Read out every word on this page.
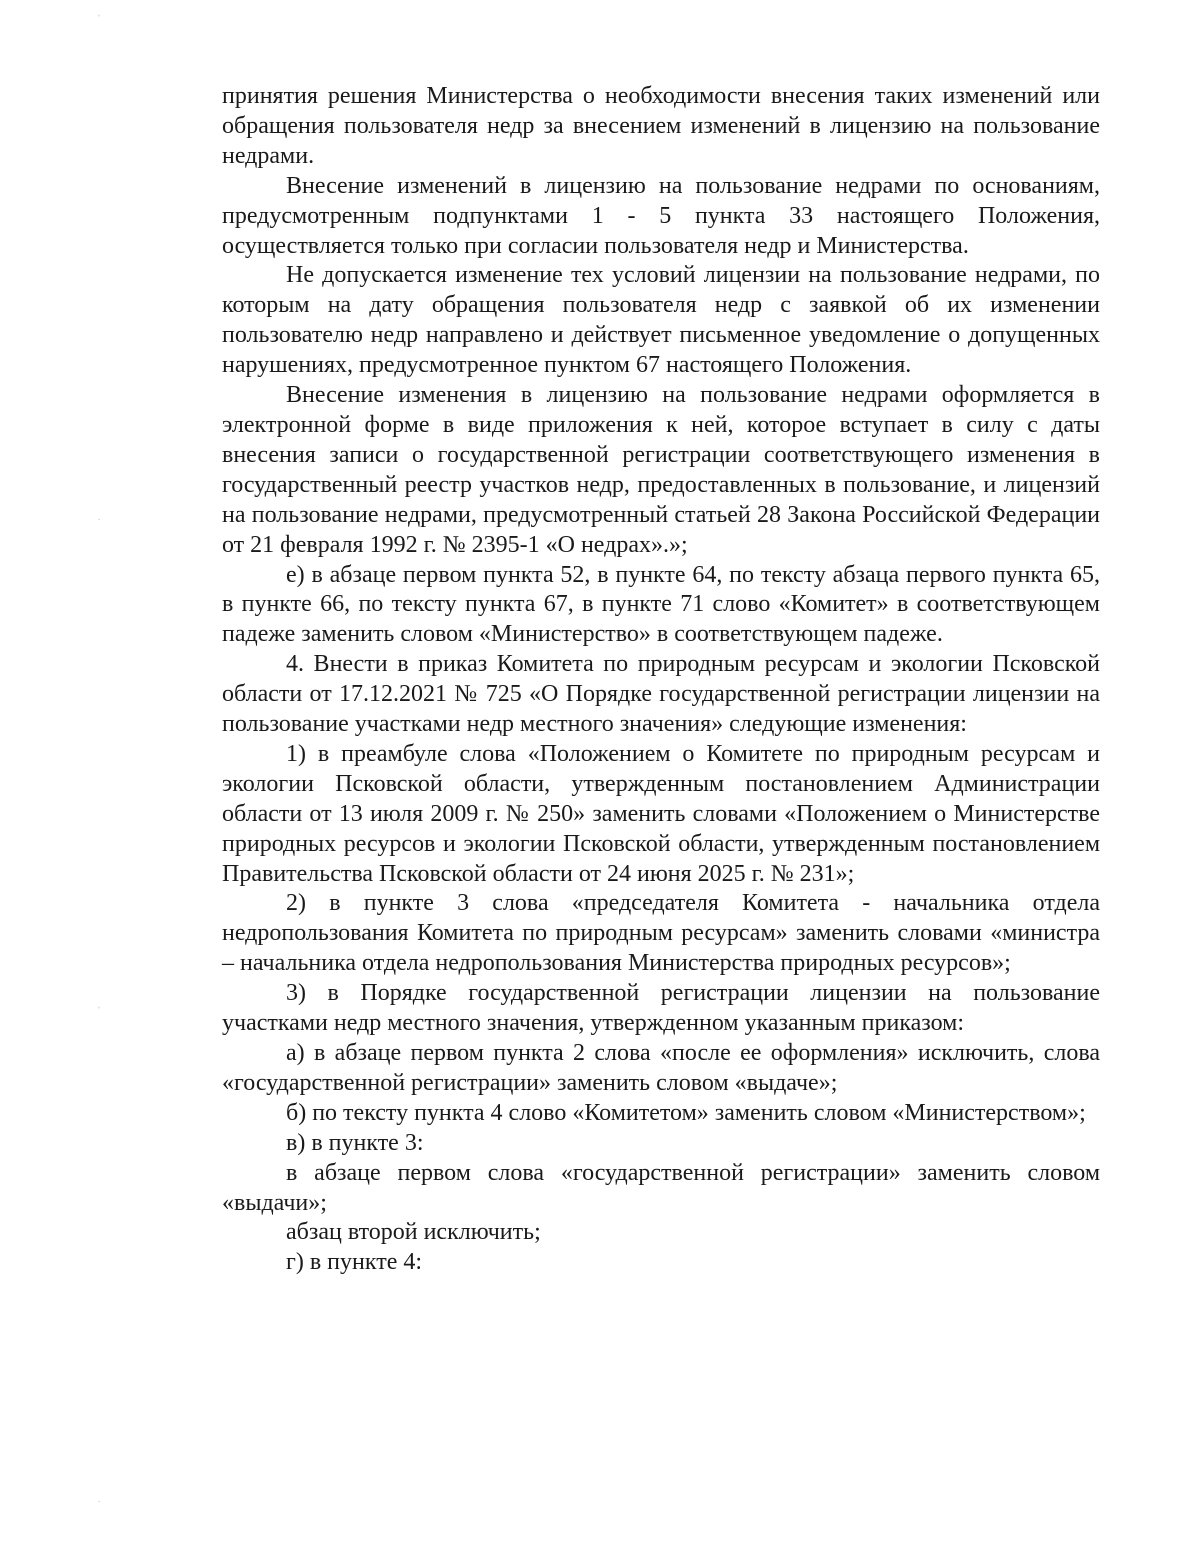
ˈ
·
ˈ
·

принятия решения Министерства о необходимости внесения таких изменений или обращения пользователя недр за внесением изменений в лицензию на пользование недрами.

Внесение изменений в лицензию на пользование недрами по основаниям, предусмотренным подпунктами 1 - 5 пункта 33 настоящего Положения, осуществляется только при согласии пользователя недр и Министерства.

Не допускается изменение тех условий лицензии на пользование недрами, по которым на дату обращения пользователя недр с заявкой об их изменении пользователю недр направлено и действует письменное уведомление о допущенных нарушениях, предусмотренное пунктом 67 настоящего Положения.

Внесение изменения в лицензию на пользование недрами оформляется в электронной форме в виде приложения к ней, которое вступает в силу с даты внесения записи о государственной регистрации соответствующего изменения в государственный реестр участков недр, предоставленных в пользование, и лицензий на пользование недрами, предусмотренный статьей 28 Закона Российской Федерации от 21 февраля 1992 г. № 2395-1 «О недрах».»;

е) в абзаце первом пункта 52, в пункте 64, по тексту абзаца первого пункта 65, в пункте 66, по тексту пункта 67, в пункте 71 слово «Комитет» в соответствующем падеже заменить словом «Министерство» в соответствующем падеже.

4. Внести в приказ Комитета по природным ресурсам и экологии Псковской области от 17.12.2021 № 725 «О Порядке государственной регистрации лицензии на пользование участками недр местного значения» следующие изменения:

1) в преамбуле слова «Положением о Комитете по природным ресурсам и экологии Псковской области, утвержденным постановлением Администрации области от 13 июля 2009 г. № 250» заменить словами «Положением о Министерстве природных ресурсов и экологии Псковской области, утвержденным постановлением Правительства Псковской области от 24 июня 2025 г. № 231»;

2) в пункте 3 слова «председателя Комитета - начальника отдела недропользования Комитета по природным ресурсам» заменить словами «министра – начальника отдела недропользования Министерства природных ресурсов»;

3) в Порядке государственной регистрации лицензии на пользование участками недр местного значения, утвержденном указанным приказом:

а) в абзаце первом пункта 2 слова «после ее оформления» исключить, слова «государственной регистрации» заменить словом «выдаче»;

б) по тексту пункта 4 слово «Комитетом» заменить словом «Министерством»;

в) в пункте 3:

в абзаце первом слова «государственной регистрации» заменить словом «выдачи»;

абзац второй исключить;

г) в пункте 4:
